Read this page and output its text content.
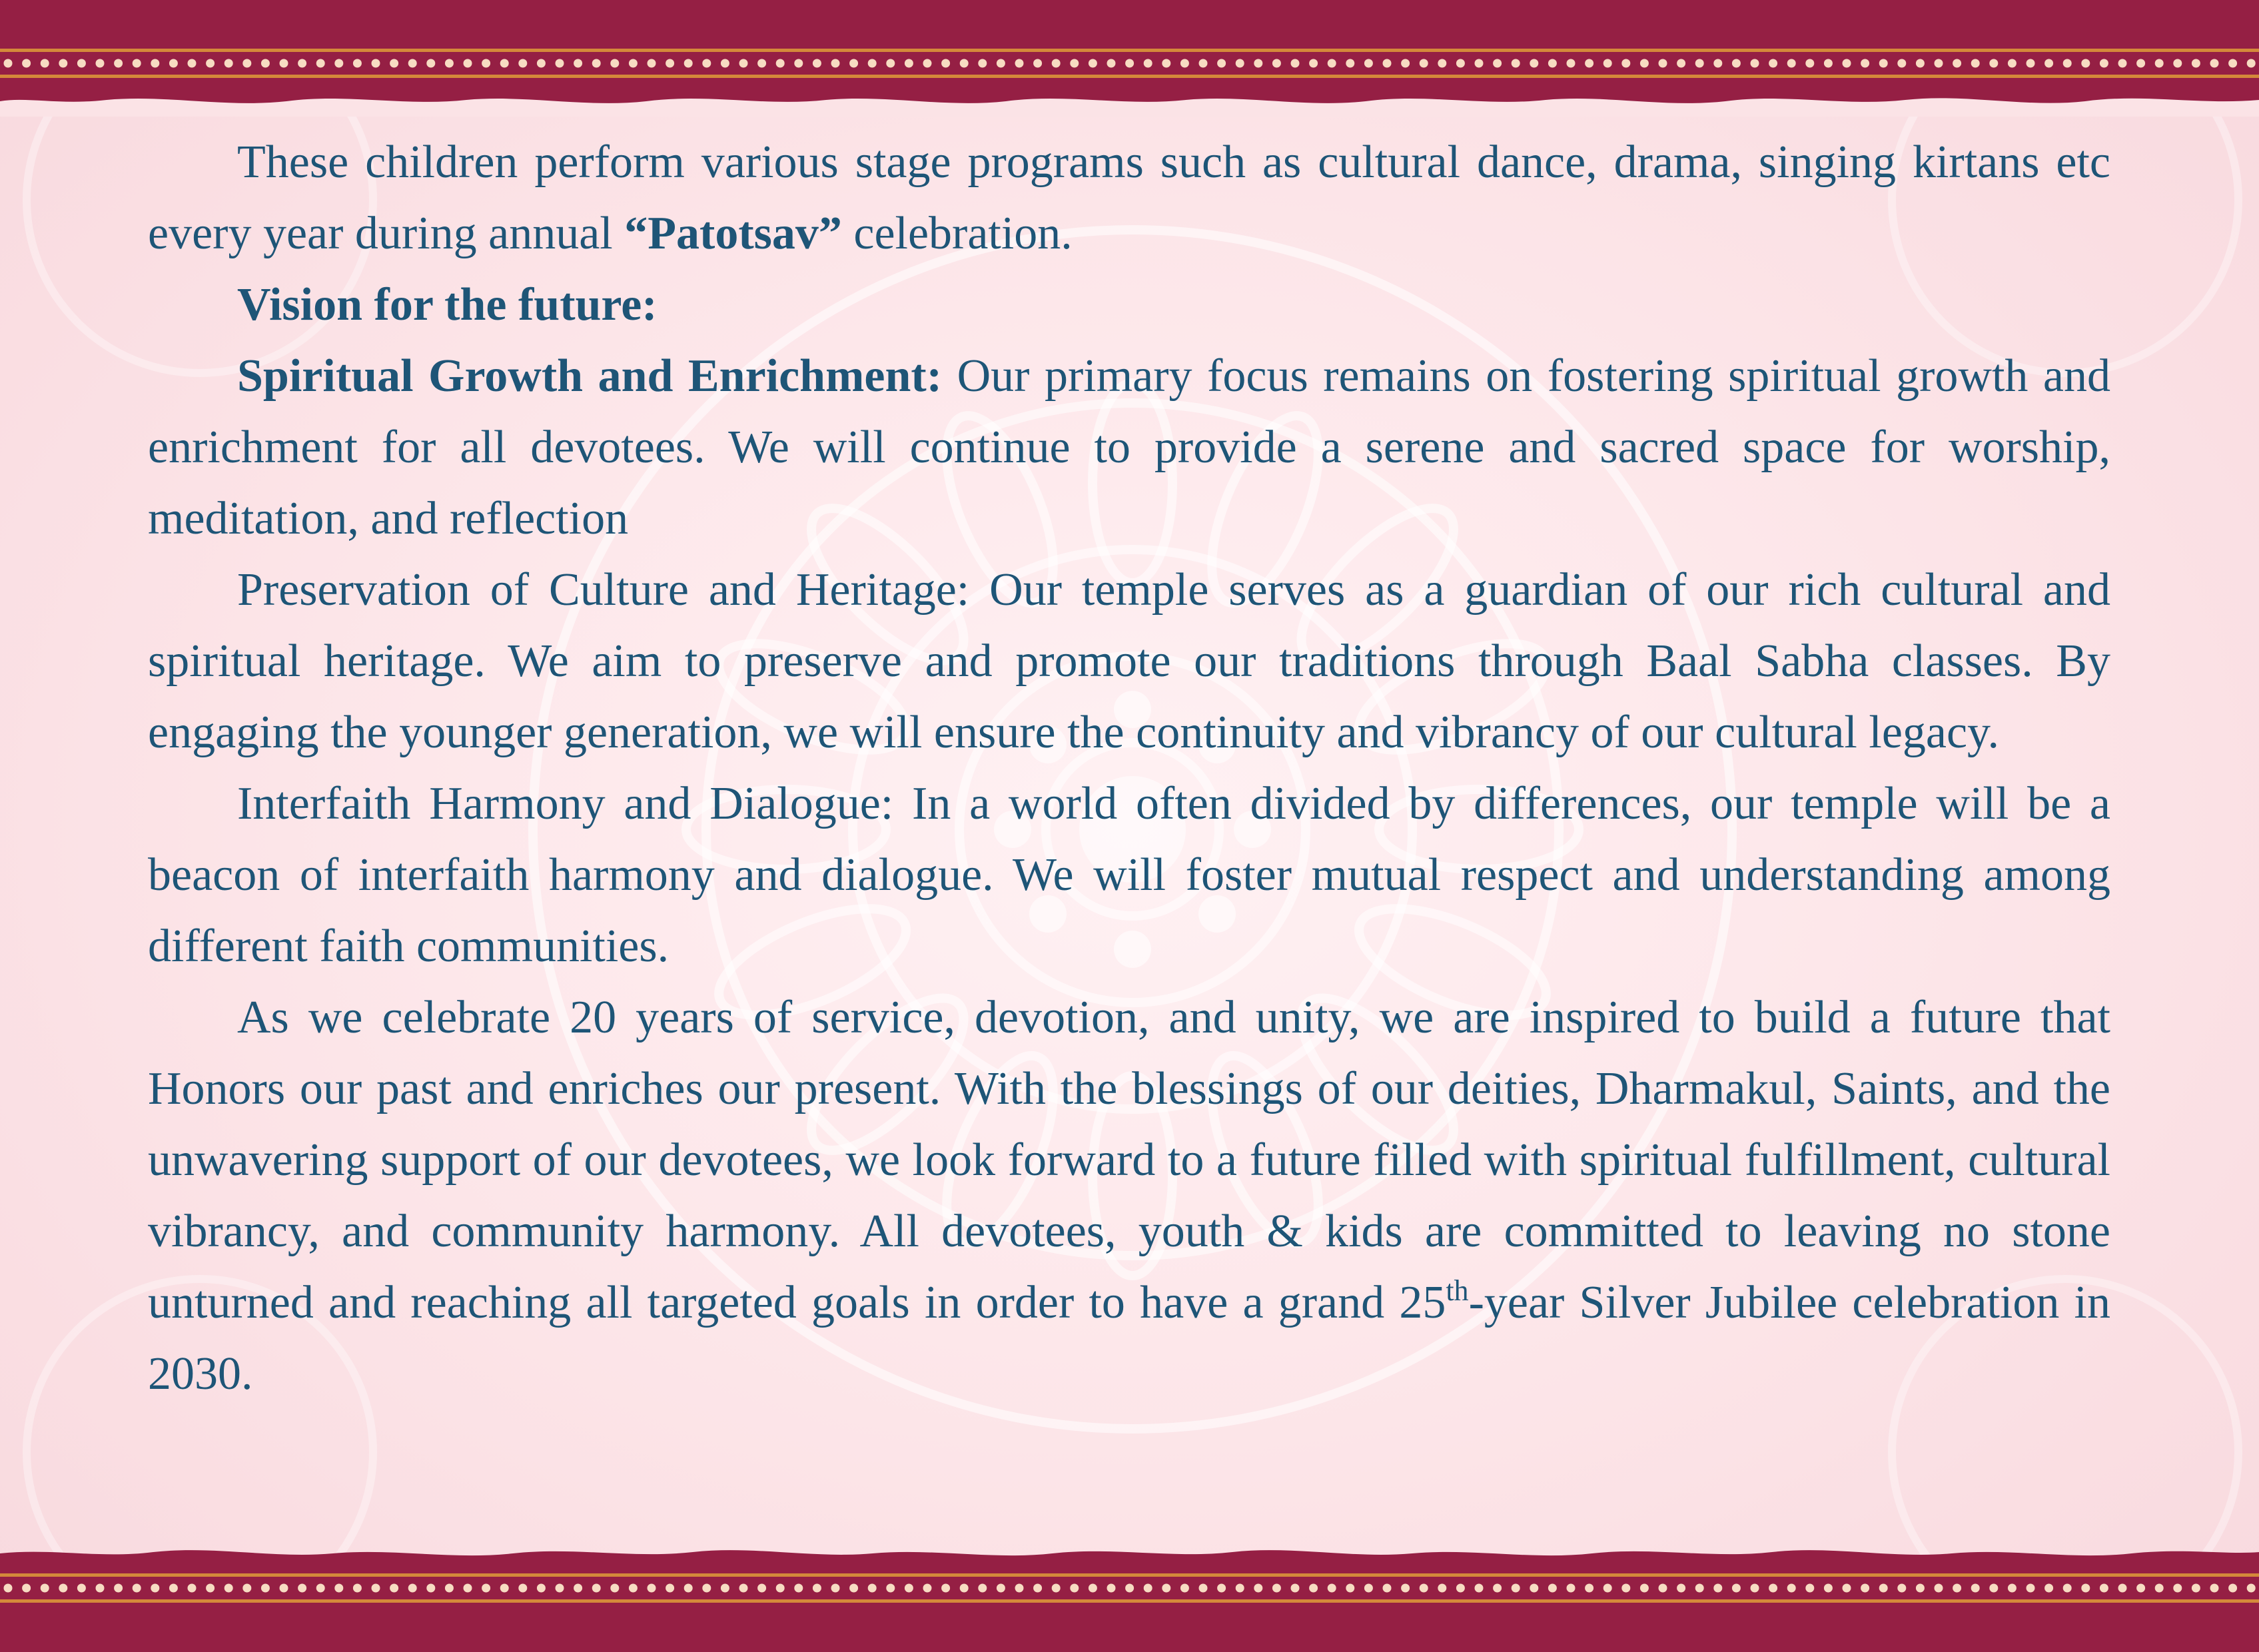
These children perform various stage programs such as cultural dance, drama, singing kirtans etc every year during annual “Patotsav” celebration.

Vision for the future:

Spiritual Growth and Enrichment: Our primary focus remains on fostering spiritual growth and enrichment for all devotees. We will continue to provide a serene and sacred space for worship, meditation, and reflection

Preservation of Culture and Heritage: Our temple serves as a guardian of our rich cultural and spiritual heritage. We aim to preserve and promote our traditions through Baal Sabha classes. By engaging the younger generation, we will ensure the continuity and vibrancy of our cultural legacy.

Interfaith Harmony and Dialogue: In a world often divided by differences, our temple will be a beacon of interfaith harmony and dialogue. We will foster mutual respect and understanding among different faith communities.

As we celebrate 20 years of service, devotion, and unity, we are inspired to build a future that Honors our past and enriches our present. With the blessings of our deities, Dharmakul, Saints, and the unwavering support of our devotees, we look forward to a future filled with spiritual fulfillment, cultural vibrancy, and community harmony. All devotees, youth & kids are committed to leaving no stone unturned and reaching all targeted goals in order to have a grand 25th-year Silver Jubilee celebration in 2030.
